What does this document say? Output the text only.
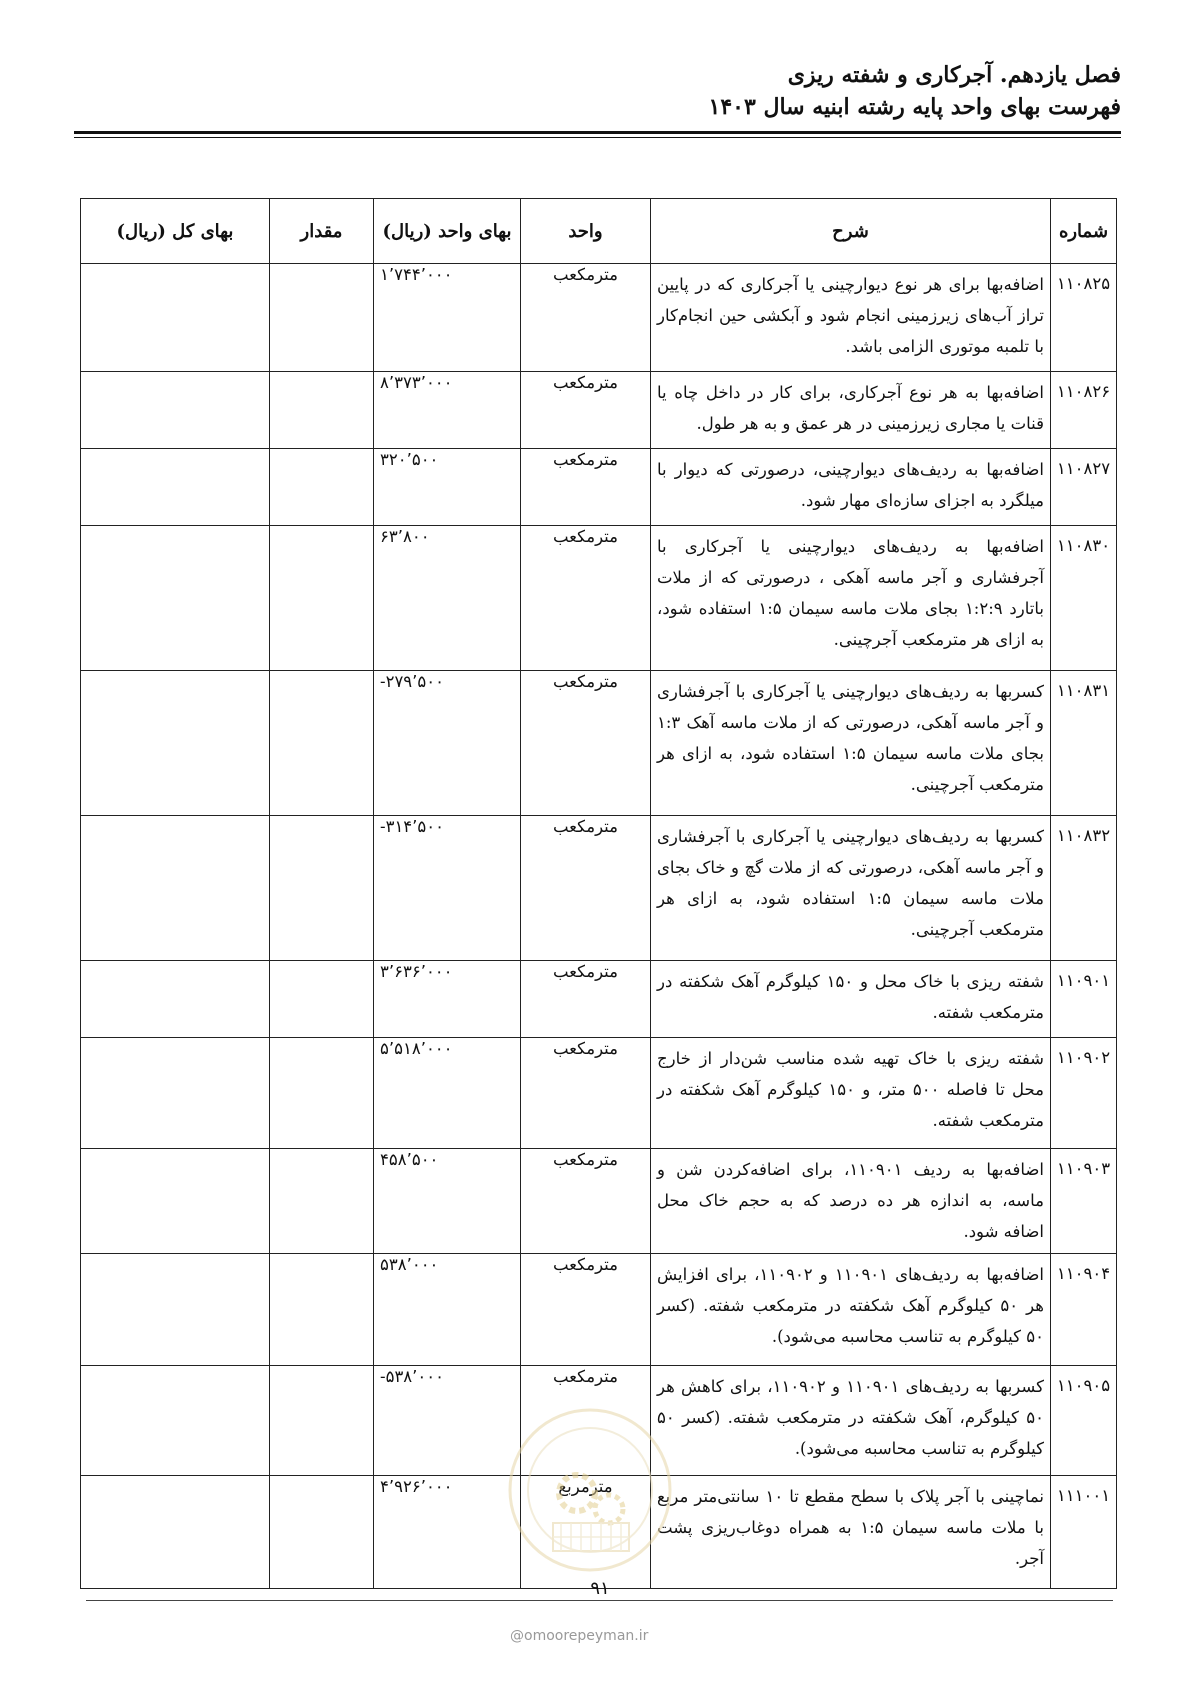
فصل یازدهم. آجرکاری و شفته ریزی
فهرست بهای واحد پایه رشته ابنیه سال ۱۴۰۳
شماره	شرح	واحد	بهای واحد (ریال)	مقدار	بهای کل (ریال)
۱۱۰۸۲۵	اضافه‌بها برای هر نوع دیوارچینی یا آجرکاری که در پایین تراز آب‌های زیرزمینی انجام شود و آبکشی حین انجام‌کار با تلمبه موتوری الزامی باشد.	مترمکعب	۱٬۷۴۴٬۰۰۰		
۱۱۰۸۲۶	اضافه‌بها به هر نوع آجرکاری، برای کار در داخل چاه یا قنات یا مجاری زیرزمینی در هر عمق و به هر طول.	مترمکعب	۸٬۳۷۳٬۰۰۰		
۱۱۰۸۲۷	اضافه‌بها به ردیف‌های دیوارچینی، درصورتی که دیوار با میلگرد به اجزای سازه‌ای مهار شود.	مترمکعب	۳۲۰٬۵۰۰		
۱۱۰۸۳۰	اضافه‌بها به ردیف‌های دیوارچینی یا آجرکاری با آجرفشاری و آجر ماسه آهکی ، درصورتی که از ملات باتارد ۱:۲:۹ بجای ملات ماسه سیمان ۱:۵ استفاده شود، به ازای هر مترمکعب آجرچینی.	مترمکعب	۶۳٬۸۰۰		
۱۱۰۸۳۱	کسربها به ردیف‌های دیوارچینی یا آجرکاری با آجرفشاری و آجر ماسه آهکی، درصورتی که از ملات ماسه آهک ۱:۳ بجای ملات ماسه سیمان ۱:۵ استفاده شود، به ازای هر مترمکعب آجرچینی.	مترمکعب	-۲۷۹٬۵۰۰		
۱۱۰۸۳۲	کسربها به ردیف‌های دیوارچینی یا آجرکاری با آجرفشاری و آجر ماسه آهکی، درصورتی که از ملات گچ و خاک بجای ملات ماسه سیمان ۱:۵ استفاده شود، به ازای هر مترمکعب آجرچینی.	مترمکعب	-۳۱۴٬۵۰۰		
۱۱۰۹۰۱	شفته ریزی با خاک محل و ۱۵۰ کیلوگرم آهک شکفته در مترمکعب شفته.	مترمکعب	۳٬۶۳۶٬۰۰۰		
۱۱۰۹۰۲	شفته ریزی با خاک تهیه شده مناسب شن‌دار از خارج محل تا فاصله ۵۰۰ متر، و ۱۵۰ کیلوگرم آهک شکفته در مترمکعب شفته.	مترمکعب	۵٬۵۱۸٬۰۰۰		
۱۱۰۹۰۳	اضافه‌بها به ردیف ۱۱۰۹۰۱، برای اضافه‌کردن شن و ماسه، به اندازه هر ده درصد که به حجم خاک محل اضافه شود.	مترمکعب	۴۵۸٬۵۰۰		
۱۱۰۹۰۴	اضافه‌بها به ردیف‌های ۱۱۰۹۰۱ و ۱۱۰۹۰۲، برای افزایش هر ۵۰ کیلوگرم آهک شکفته در مترمکعب شفته. (کسر ۵۰ کیلوگرم به تناسب محاسبه می‌شود).	مترمکعب	۵۳۸٬۰۰۰		
۱۱۰۹۰۵	کسربها به ردیف‌های ۱۱۰۹۰۱ و ۱۱۰۹۰۲، برای کاهش هر ۵۰ کیلوگرم، آهک شکفته در مترمکعب شفته. (کسر ۵۰ کیلوگرم به تناسب محاسبه می‌شود).	مترمکعب	-۵۳۸٬۰۰۰		
۱۱۱۰۰۱	نماچینی با آجر پلاک با سطح مقطع تا ۱۰ سانتی‌متر مربع با ملات ماسه سیمان ۱:۵ به همراه دوغاب‌ریزی پشت آجر.	مترمربع	۴٬۹۲۶٬۰۰۰		
۹۱
@omoorepeyman.ir
